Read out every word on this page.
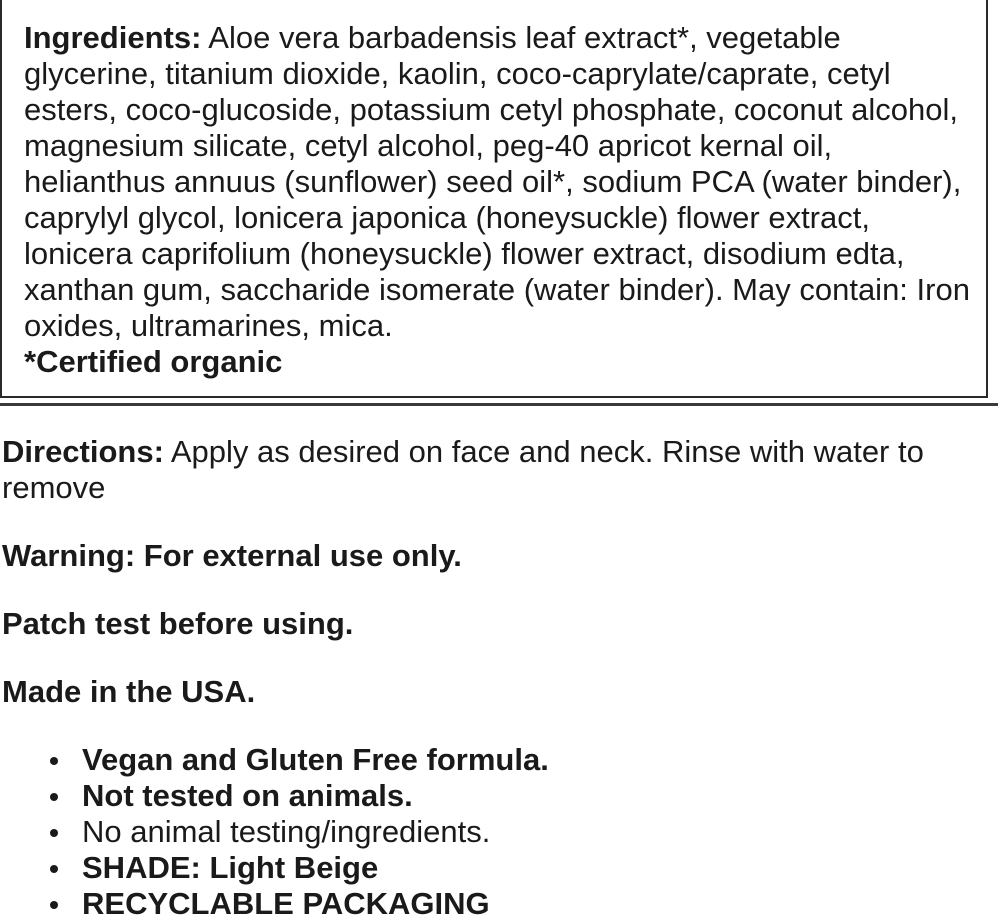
Ingredients: Aloe vera barbadensis leaf extract*, vegetable glycerine, titanium dioxide, kaolin, coco-caprylate/caprate, cetyl esters, coco-glucoside, potassium cetyl phosphate, coconut alcohol, magnesium silicate, cetyl alcohol, peg-40 apricot kernal oil, helianthus annuus (sunflower) seed oil*, sodium PCA (water binder), caprylyl glycol, lonicera japonica (honeysuckle) flower extract, lonicera caprifolium (honeysuckle) flower extract, disodium edta, xanthan gum, saccharide isomerate (water binder). May contain: Iron oxides, ultramarines, mica.

*Certified organic

Directions: Apply as desired on face and neck. Rinse with water to remove

Warning: For external use only.

Patch test before using.

Made in the USA.

Vegan and Gluten Free formula.
Not tested on animals.
No animal testing/ingredients.
SHADE: Light Beige
RECYCLABLE PACKAGING
